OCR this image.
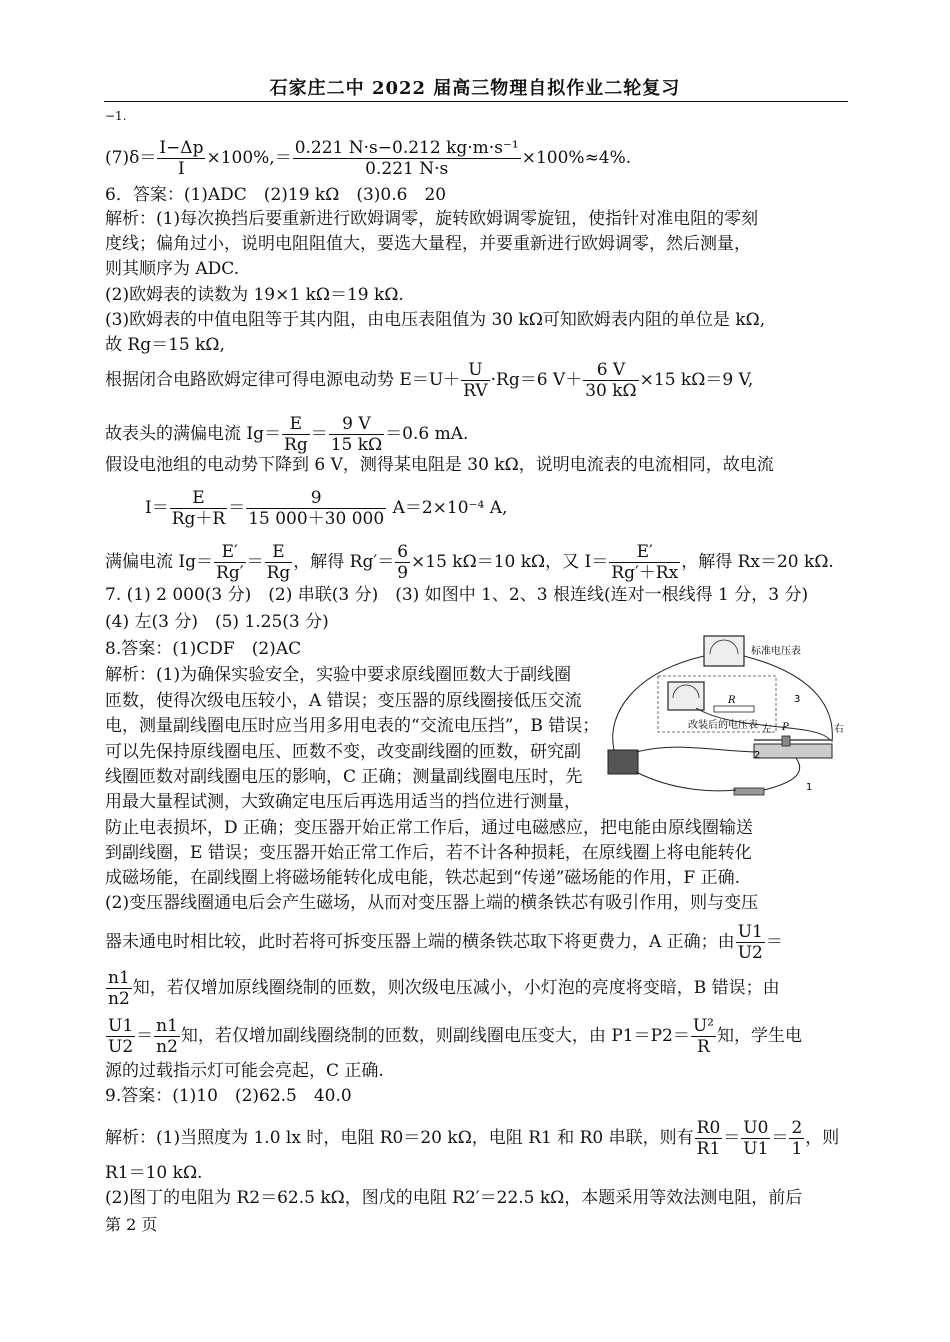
石家庄二中 2022 届高三物理自拟作业二轮复习
−1.
$(7)\delta= \frac{I-\Delta p}{I} \times 100\%,= \frac{\text{0.221 N·s−0.212 kg·m·s⁻¹}}{0.221 N\cdot s} \times 100\%\approx 4\%$.
6．答案：(1)ADC　(2)19 kΩ　(3)0.6　20
解析：(1)每次换挡后要重新进行欧姆调零，旋转欧姆调零旋钮，使指针对准电阻的零刻
度线；偏角过小，说明电阻阻值大，要选大量程，并要重新进行欧姆调零，然后测量，
则其顺序为 ADC.
(2)欧姆表的读数为 19×1 kΩ＝19 kΩ.
(3)欧姆表的中值电阻等于其内阻，由电压表阻值为 30 kΩ可知欧姆表内阻的单位是 kΩ,
故 Rg＝15 kΩ,
根据闭合电路欧姆定律可得电源电动势 $E=U+ \frac{U}{RV} \cdot Rg=6$ $V+ \frac{6 V}{30 k\Omega} \times 15$ kΩ＝9 V,
故表头的满偏电流 $Ig= \frac{E}{Rg} = \frac{9 V}{15 k\Omega} =0.6$ mA.
假设电池组的电动势下降到 6 V，测得某电阻是 30 kΩ，说明电流表的电流相同，故电流
$I= \frac{E}{Rg+R} = \frac{9}{15 000+30 000} A=2\times 10^{-4}$ A,
满偏电流 $Ig= \frac{E'}{Rg'} = \frac{E}{Rg}$ ，解得 $Rg'= \frac{6}{9} \times 15$ kΩ＝10 kΩ，又 $I= \frac{E'}{Rg'+Rx}$ ，解得 Rx＝20 kΩ.
7. (1) 2 000(3 分)　(2) 串联(3 分)　(3) 如图中 1、2、3 根连线(连对一根线得 1 分，3 分)
(4) 左(3 分)　(5) 1.25(3 分)
8.答案：(1)CDF　(2)AC
解析：(1)为确保实验安全，实验中要求原线圈匝数大于副线圈
匝数，使得次级电压较小，A 错误；变压器的原线圈接低压交流
电，测量副线圈电压时应当用多用电表的“交流电压挡”，B 错误；
可以先保持原线圈电压、匝数不变，改变副线圈的匝数，研究副
线圈匝数对副线圈电压的影响，C 正确；测量副线圈电压时，先
用最大量程试测，大致确定电压后再选用适当的挡位进行测量，
防止电表损坏，D 正确；变压器开始正常工作后，通过电磁感应，把电能由原线圈输送
到副线圈，E 错误；变压器开始正常工作后，若不计各种损耗，在原线圈上将电能转化
成磁场能，在副线圈上将磁场能转化成电能，铁芯起到“传递”磁场能的作用，F 正确.
(2)变压器线圈通电后会产生磁场，从而对变压器上端的横条铁芯有吸引作用，则与变压
器未通电时相比较，此时若将可拆变压器上端的横条铁芯取下将更费力，A 正确；由 $\frac{U1}{U2}$ ＝
$\frac{n1}{n2}$ 知，若仅增加原线圈绕制的匝数，则次级电压减小，小灯泡的亮度将变暗，B 错误；由
$\frac{U1}{U2} = \frac{n1}{n2}$ 知，若仅增加副线圈绕制的匝数，则副线圈电压变大，由 $P1=P2= \frac{\text{U²}}{R}$ 知，学生电
源的过载指示灯可能会亮起，C 正确.
9.答案：(1)10　(2)62.5　40.0
解析：(1)当照度为 1.0 lx 时，电阻 R0＝20 kΩ，电阻 R1 和 R0 串联，则有 $\frac{R0}{R1} = \frac{U0}{U1} = \frac{2}{1}$ ，则
R1＝10 kΩ.
(2)图丁的电阻为 R2＝62.5 kΩ，图戊的电阻 R2′＝22.5 kΩ，本题采用等效法测电阻，前后
标准电压表
R
改装后的电压表 P
左	右
3
2
1
第 2 页
